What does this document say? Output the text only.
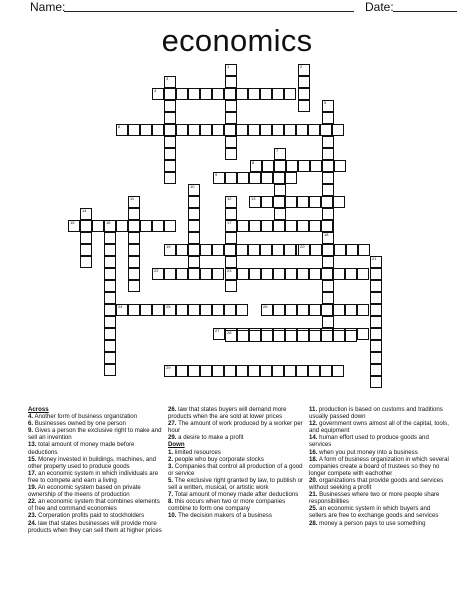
Name:	Date:
economics
2
3
1
4
5
18
6
7
8
9
10
11	12
17
23
13
14
15	16
19	20
21
22
24	25	26
27 28
29
Across
4. Another form of business organization
6. Businesses owned by one person
9. Gives a person the exclusive right to make and sell an invention
13. total amount of money made before deductions
15. Money invested in buildings, machines, and other property used to produce goods
17. an economic system in which individuals are free to compete and earn a living
19. An economic system based on private ownership of the meens of production
22. an economic system that combines elements of free and command economies
23. Corperation profits paid to stockholders
24. law that states businesses will provide more products when they can sell them at higher prices
26. law that states buyers will demand more products when the are sold at lower prices
27. The amount of work produced by a worker per hour
29. a desire to make a profit
Down
1. limited resources
2. people who buy corporate stocks
3. Companies that control all production of a good or service
5. The exclusive right granted by law, to publish or sell a written, musical, or artistic work
7. Total amount of money made after deductions
8. this occurs when two or more companies combine to form one company
10. The decision makers of a business
11. production is based on customs and traditions usually passed down
12. government owns almost all of the capital, tools, and equipment
14. human effort used to produce goods and services
16. when you put money into a business
18. A form of business organization in which several companies create a board of trustees so they no longer compete with eachother
20. organizations that provide goods and services without seeking a profit
21. Businesses where two or more people share responsibilities
25. an economic system in which buyers and sellers are free to exchange goods and services
28. money a person pays to use something
